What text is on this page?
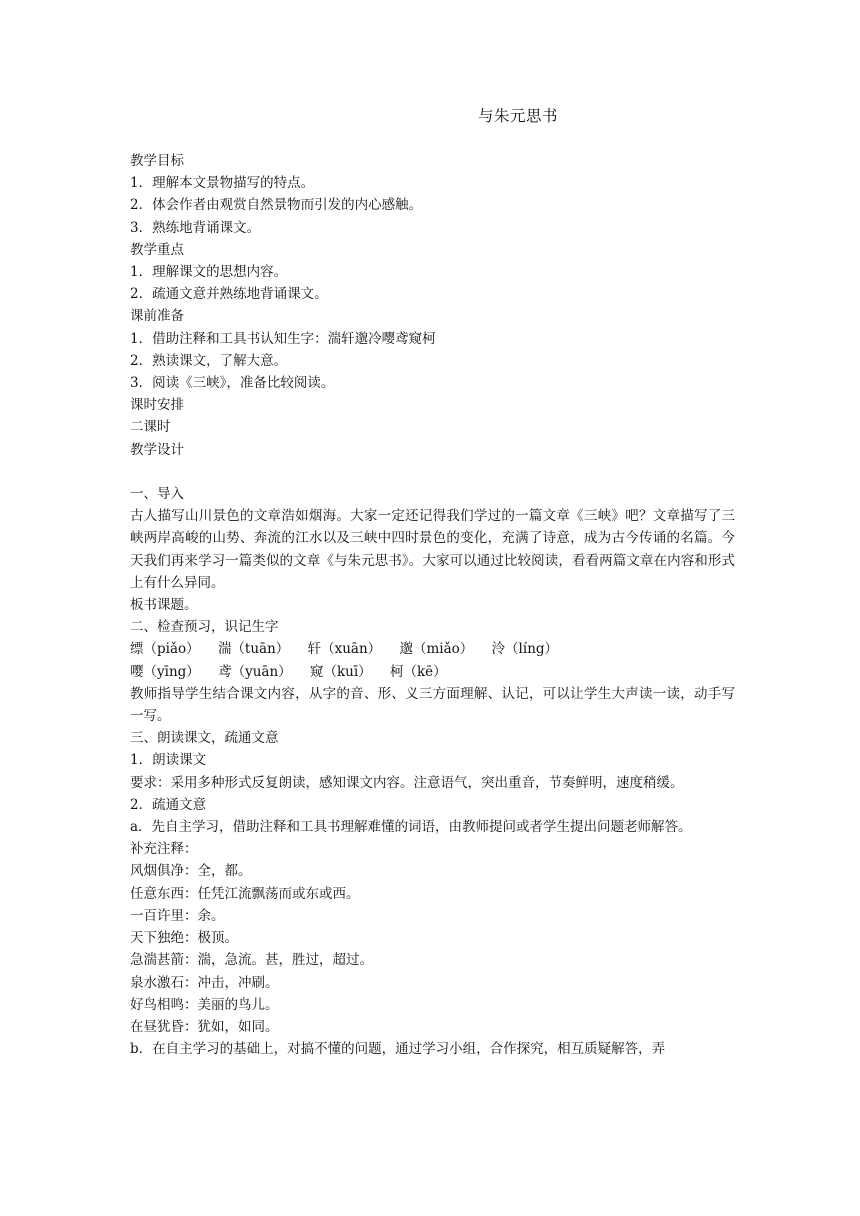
与朱元思书
教学目标
1．理解本文景物描写的特点。
2．体会作者由观赏自然景物而引发的内心感触。
3．熟练地背诵课文。
教学重点
1．理解课文的思想内容。
2．疏通文意并熟练地背诵课文。
课前准备
1．借助注释和工具书认知生字：湍轩邈冷嘤鸢窥柯
2．熟读课文，了解大意。
3．阅读《三峡》，准备比较阅读。
课时安排
二课时
教学设计
一、导入
古人描写山川景色的文章浩如烟海。大家一定还记得我们学过的一篇文章《三峡》吧？文章描写了三峡两岸高峻的山势、奔流的江水以及三峡中四时景色的变化，充满了诗意，成为古今传诵的名篇。今天我们再来学习一篇类似的文章《与朱元思书》。大家可以通过比较阅读，看看两篇文章在内容和形式上有什么异同。
板书课题。
二、检查预习，识记生字
缥（piǎo） 湍（tuān） 轩（xuān） 邈（miǎo） 泠（líng）
嘤（yīng） 鸢（yuān） 窥（kuī） 柯（kē）
教师指导学生结合课文内容，从字的音、形、义三方面理解、认记，可以让学生大声读一读，动手写一写。
三、朗读课文，疏通文意
1．朗读课文
要求：采用多种形式反复朗读，感知课文内容。注意语气，突出重音，节奏鲜明，速度稍缓。
2．疏通文意
a．先自主学习，借助注释和工具书理解难懂的词语，由教师提问或者学生提出问题老师解答。
补充注释：
风烟俱净：全，都。
任意东西：任凭江流飘荡而或东或西。
一百许里：余。
天下独绝：极顶。
急湍甚箭：湍，急流。甚，胜过，超过。
泉水激石：冲击，冲刷。
好鸟相鸣：美丽的鸟儿。
在昼犹昏：犹如，如同。
b．在自主学习的基础上，对搞不懂的问题，通过学习小组，合作探究，相互质疑解答，弄
